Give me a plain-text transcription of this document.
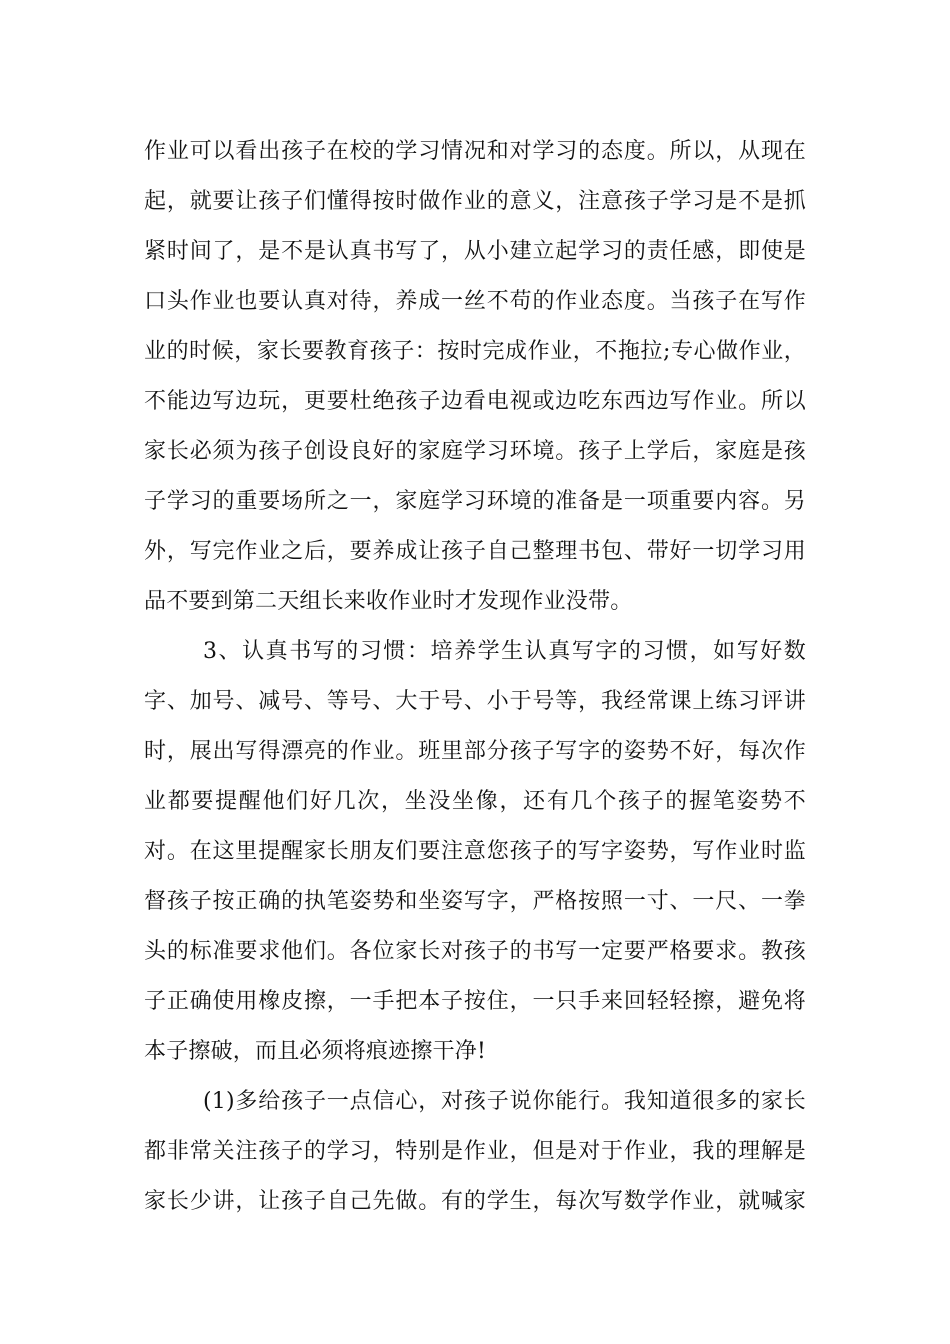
作业可以看出孩子在校的学习情况和对学习的态度。所以，从现在
起，就要让孩子们懂得按时做作业的意义，注意孩子学习是不是抓
紧时间了，是不是认真书写了，从小建立起学习的责任感，即使是
口头作业也要认真对待，养成一丝不苟的作业态度。当孩子在写作
业的时候，家长要教育孩子：按时完成作业，不拖拉;专心做作业，
不能边写边玩，更要杜绝孩子边看电视或边吃东西边写作业。所以
家长必须为孩子创设良好的家庭学习环境。孩子上学后，家庭是孩
子学习的重要场所之一，家庭学习环境的准备是一项重要内容。另
外，写完作业之后，要养成让孩子自己整理书包、带好一切学习用
品不要到第二天组长来收作业时才发现作业没带。
3、认真书写的习惯：培养学生认真写字的习惯，如写好数
字、加号、减号、等号、大于号、小于号等，我经常课上练习评讲
时，展出写得漂亮的作业。班里部分孩子写字的姿势不好，每次作
业都要提醒他们好几次，坐没坐像，还有几个孩子的握笔姿势不
对。在这里提醒家长朋友们要注意您孩子的写字姿势，写作业时监
督孩子按正确的执笔姿势和坐姿写字，严格按照一寸、一尺、一拳
头的标准要求他们。各位家长对孩子的书写一定要严格要求。教孩
子正确使用橡皮擦，一手把本子按住，一只手来回轻轻擦，避免将
本子擦破，而且必须将痕迹擦干净!
(1)多给孩子一点信心，对孩子说你能行。我知道很多的家长
都非常关注孩子的学习，特别是作业，但是对于作业，我的理解是
家长少讲，让孩子自己先做。有的学生，每次写数学作业，就喊家
